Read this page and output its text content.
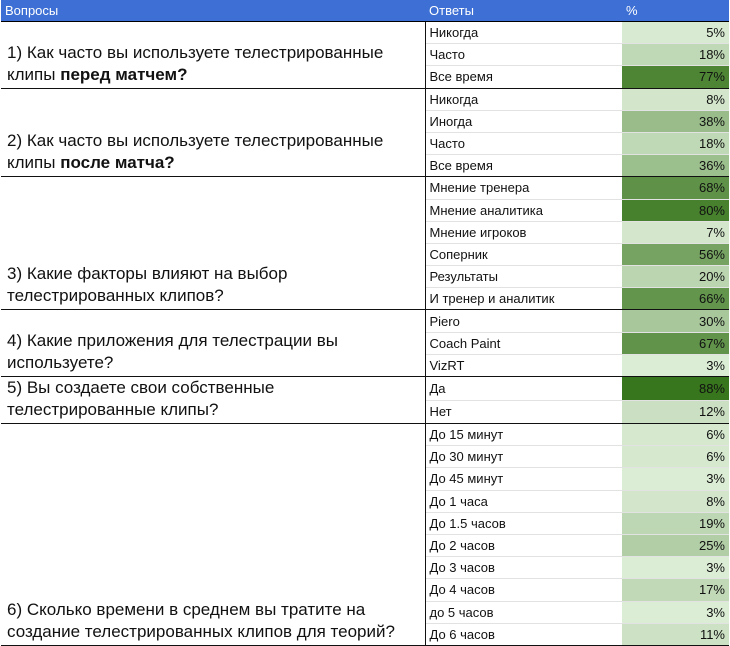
Вопросы	Ответы	%
1) Как часто вы используете телестрированные клипы перед матчем?	Никогда	5%
	Часто	18%
	Все время	77%
2) Как часто вы используете телестрированные клипы после матча?	Никогда	8%
	Иногда	38%
	Часто	18%
	Все время	36%
3) Какие факторы влияют на выбор телестрированных клипов?	Мнение тренера	68%
	Мнение аналитика	80%
	Мнение игроков	7%
	Соперник	56%
	Результаты	20%
	И тренер и аналитик	66%
4) Какие приложения для телестрации вы используете?	Piero	30%
	Coach Paint	67%
	VizRT	3%
5) Вы создаете свои собственные телестрированные клипы?	Да	88%
	Нет	12%
6) Сколько времени в среднем вы тратите на создание телестрированных клипов для теорий?	До 15 минут	6%
	До 30 минут	6%
	До 45 минут	3%
	До 1 часа	8%
	До 1.5 часов	19%
	До 2 часов	25%
	До 3 часов	3%
	До 4 часов	17%
	до 5 часов	3%
	До 6 часов	11%
